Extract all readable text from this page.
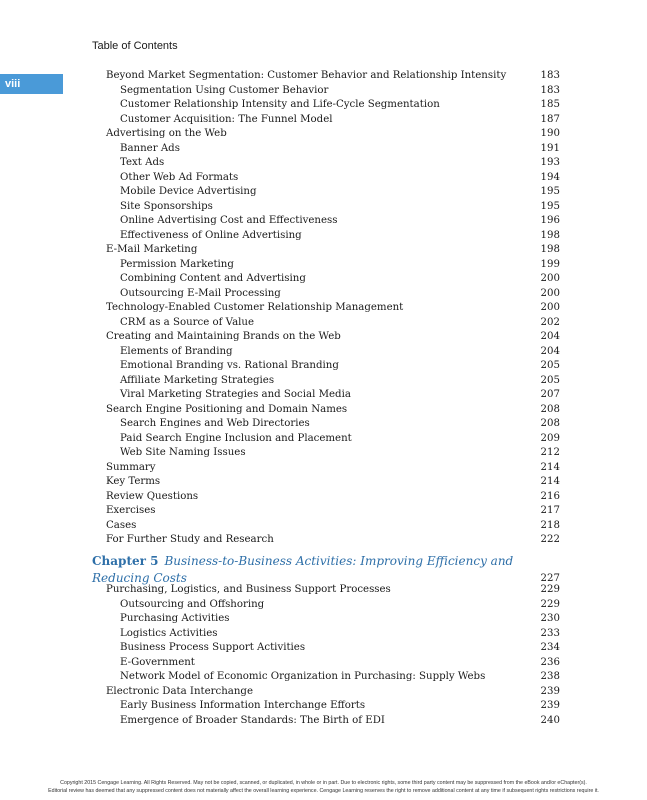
Table of Contents
viii
Beyond Market Segmentation: Customer Behavior and Relationship Intensity	183
Segmentation Using Customer Behavior	183
Customer Relationship Intensity and Life-Cycle Segmentation	185
Customer Acquisition: The Funnel Model	187
Advertising on the Web	190
Banner Ads	191
Text Ads	193
Other Web Ad Formats	194
Mobile Device Advertising	195
Site Sponsorships	195
Online Advertising Cost and Effectiveness	196
Effectiveness of Online Advertising	198
E-Mail Marketing	198
Permission Marketing	199
Combining Content and Advertising	200
Outsourcing E-Mail Processing	200
Technology-Enabled Customer Relationship Management	200
CRM as a Source of Value	202
Creating and Maintaining Brands on the Web	204
Elements of Branding	204
Emotional Branding vs. Rational Branding	205
Affiliate Marketing Strategies	205
Viral Marketing Strategies and Social Media	207
Search Engine Positioning and Domain Names	208
Search Engines and Web Directories	208
Paid Search Engine Inclusion and Placement	209
Web Site Naming Issues	212
Summary	214
Key Terms	214
Review Questions	216
Exercises	217
Cases	218
For Further Study and Research	222
Chapter 5 Business-to-Business Activities: Improving Efficiency and
Reducing Costs	227
Purchasing, Logistics, and Business Support Processes	229
Outsourcing and Offshoring	229
Purchasing Activities	230
Logistics Activities	233
Business Process Support Activities	234
E-Government	236
Network Model of Economic Organization in Purchasing: Supply Webs	238
Electronic Data Interchange	239
Early Business Information Interchange Efforts	239
Emergence of Broader Standards: The Birth of EDI	240
Copyright 2015 Cengage Learning. All Rights Reserved. May not be copied, scanned, or duplicated, in whole or in part. Due to electronic rights, some third party content may be suppressed from the eBook and/or eChapter(s).
Editorial review has deemed that any suppressed content does not materially affect the overall learning experience. Cengage Learning reserves the right to remove additional content at any time if subsequent rights restrictions require it.
